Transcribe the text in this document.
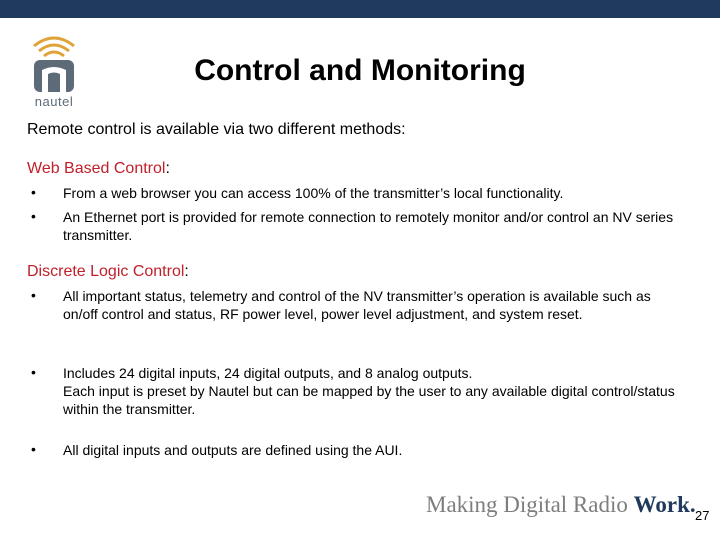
nautel
Control and Monitoring
Remote control is available via two different methods:
Web Based Control:
• From a web browser you can access 100% of the transmitter’s local functionality.
• An Ethernet port is provided for remote connection to remotely monitor and/or control an NV series transmitter.
Discrete Logic Control:
• All important status, telemetry and control of the NV transmitter’s operation is available such as on/off control and status, RF power level, power level adjustment, and system reset.
• Includes 24 digital inputs, 24 digital outputs, and 8 analog outputs.
Each input is preset by Nautel but can be mapped by the user to any available digital control/status within the transmitter.
• All digital inputs and outputs are defined using the AUI.
Making Digital Radio Work. 27
